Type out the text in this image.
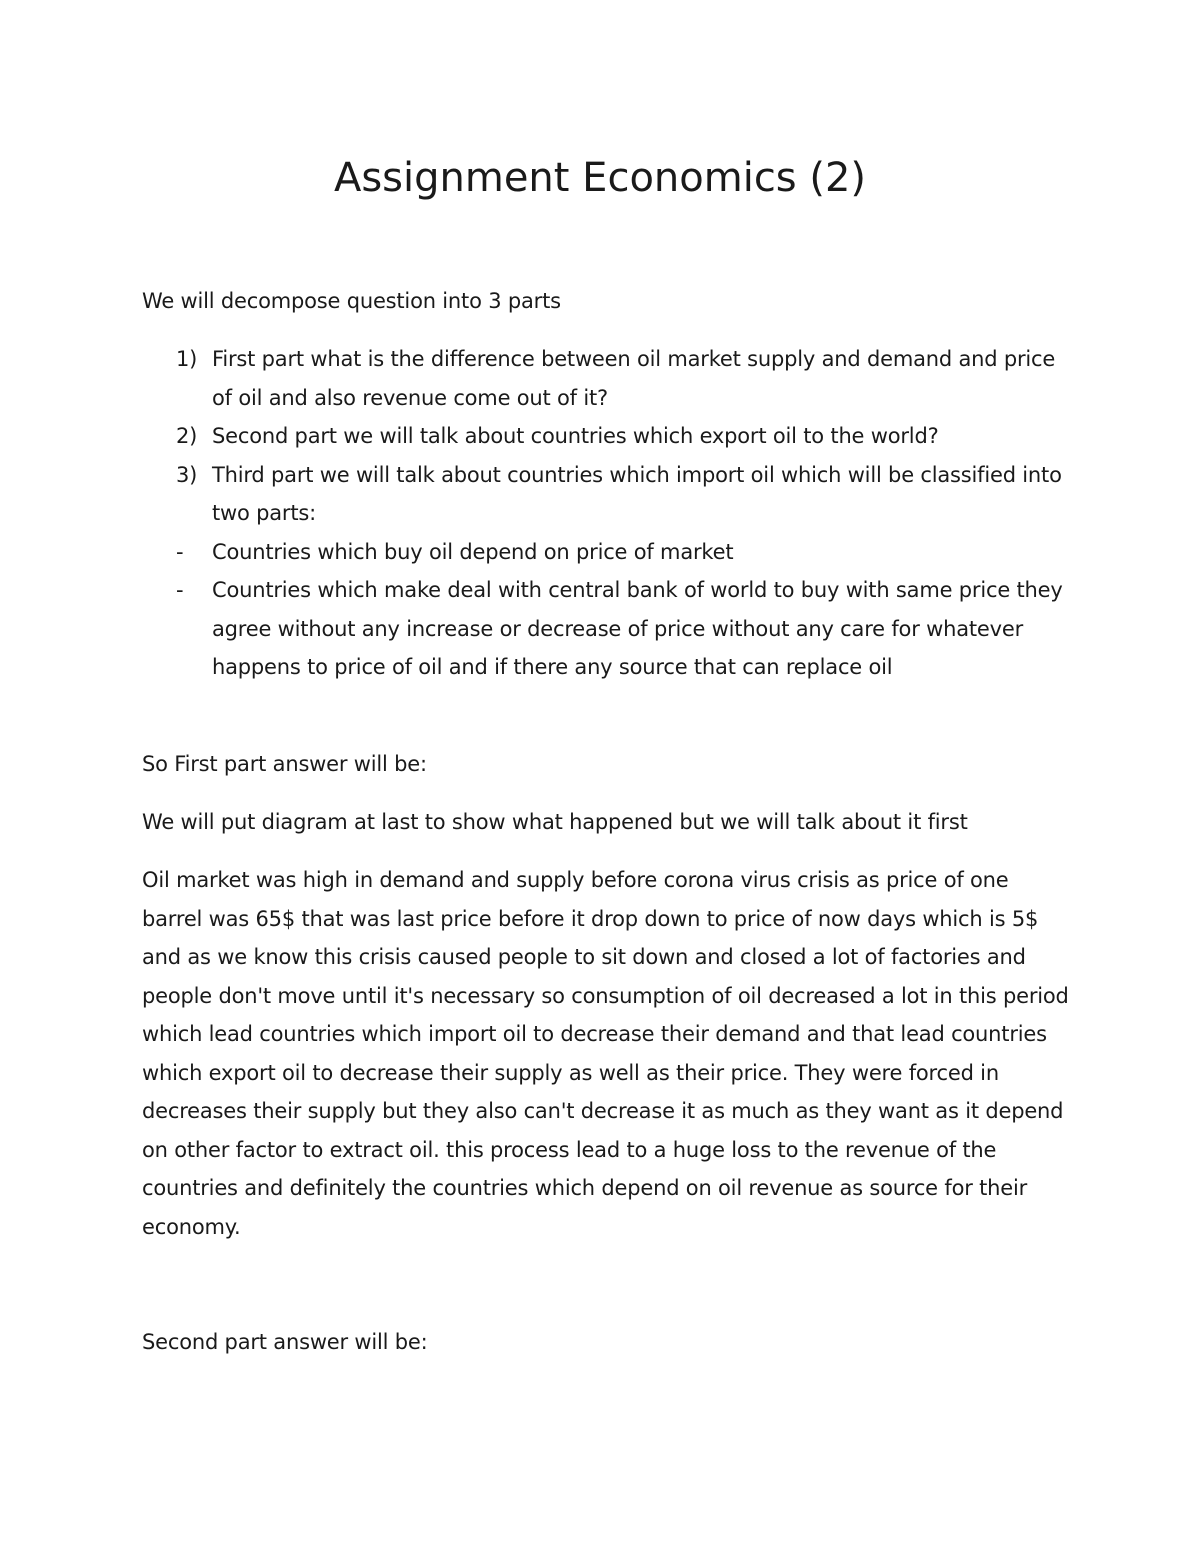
Assignment Economics (2)

We will decompose question into 3 parts

1) First part what is the difference between oil market supply and demand and price of oil and also revenue come out of it?
2) Second part we will talk about countries which export oil to the world?
3) Third part we will talk about countries which import oil which will be classified into two parts:
- Countries which buy oil depend on price of market
- Countries which make deal with central bank of world to buy with same price they agree without any increase or decrease of price without any care for whatever happens to price of oil and if there any source that can replace oil

So First part answer will be:

We will put diagram at last to show what happened but we will talk about it first

Oil market was high in demand and supply before corona virus crisis as price of one barrel was 65$ that was last price before it drop down to price of now days which is 5$ and as we know this crisis caused people to sit down and closed a lot of factories and people don't move until it's necessary so consumption of oil decreased a lot in this period which lead countries which import oil to decrease their demand and that lead countries which export oil to decrease their supply as well as their price. They were forced in decreases their supply but they also can't decrease it as much as they want as it depend on other factor to extract oil. this process lead to a huge loss to the revenue of the countries and definitely the countries which depend on oil revenue as source for their economy.

Second part answer will be:
